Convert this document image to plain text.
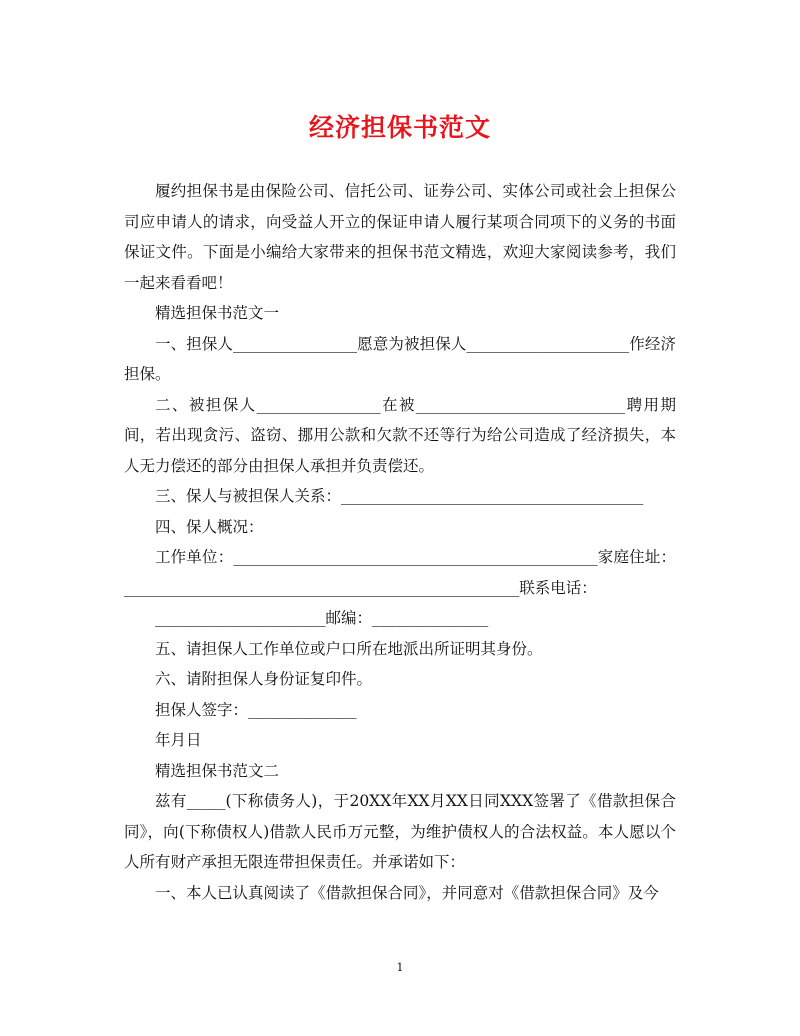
经济担保书范文

履约担保书是由保险公司、信托公司、证券公司、实体公司或社会上担保公司应申请人的请求，向受益人开立的保证申请人履行某项合同项下的义务的书面保证文件。下面是小编给大家带来的担保书范文精选，欢迎大家阅读参考，我们一起来看看吧！

精选担保书范文一

一、担保人________________愿意为被担保人_____________________作经济担保。

二、被担保人________________在被___________________________聘用期间，若出现贪污、盗窃、挪用公款和欠款不还等行为给公司造成了经济损失，本人无力偿还的部分由担保人承担并负责偿还。

三、保人与被担保人关系：_______________________________________

四、保人概况：

工作单位：_______________________________________________家庭住址：___________________________________________________联系电话：

______________________邮编：_______________

五、请担保人工作单位或户口所在地派出所证明其身份。

六、请附担保人身份证复印件。

担保人签字：______________

年月日

精选担保书范文二

兹有_____(下称债务人)，于20XX年XX月XX日同XXX签署了《借款担保合同》，向(下称债权人)借款人民币万元整，为维护债权人的合法权益。本人愿以个人所有财产承担无限连带担保责任。并承诺如下：

一、本人已认真阅读了《借款担保合同》，并同意对《借款担保合同》及今

1
